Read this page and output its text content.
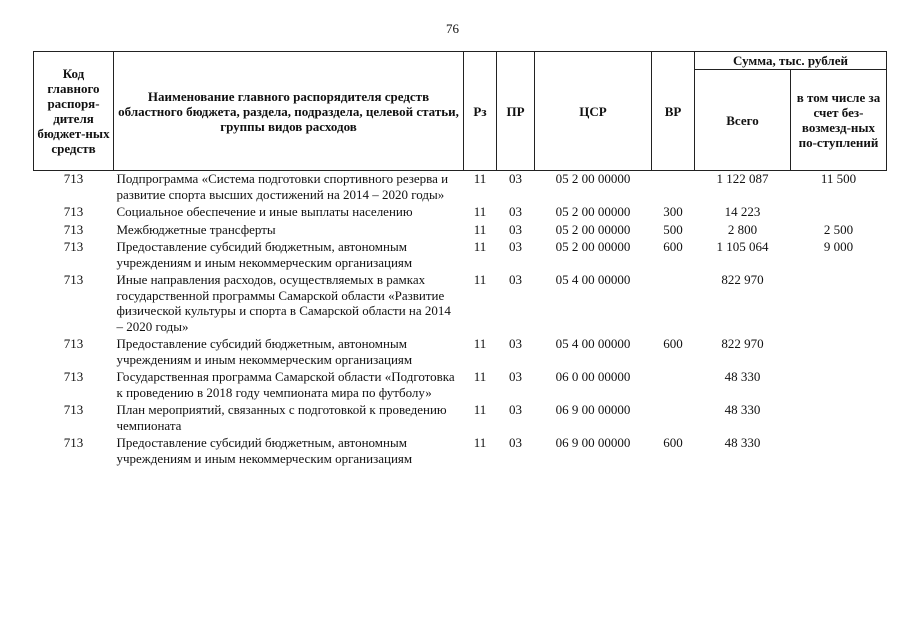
76
Код главного распоря-дителя бюджет-ных средств	Наименование главного распорядителя средств областного бюджета, раздела, подраздела, целевой статьи, группы видов расходов	Рз	ПР	ЦСР	ВР	Сумма, тыс. рублей	
						Всего	в том числе за счет без-возмезд-ных по-ступлений
713	Подпрограмма «Система подготовки спортивного резерва и развитие спорта высших достижений на 2014 – 2020 годы»	11	03	05 2 00 00000		1 122 087	11 500
713	Социальное обеспечение и иные выплаты населению	11	03	05 2 00 00000	300	14 223	
713	Межбюджетные трансферты	11	03	05 2 00 00000	500	2 800	2 500
713	Предоставление субсидий бюджетным, автономным учреждениям и иным некоммерческим организациям	11	03	05 2 00 00000	600	1 105 064	9 000
713	Иные направления расходов, осуществляемых в рамках государственной программы Самарской области «Развитие физической культуры и спорта в Самарской области на 2014 – 2020 годы»	11	03	05 4 00 00000		822 970	
713	Предоставление субсидий бюджетным, автономным учреждениям и иным некоммерческим организациям	11	03	05 4 00 00000	600	822 970	
713	Государственная программа Самарской области «Подготовка к проведению в 2018 году чемпионата мира по футболу»	11	03	06 0 00 00000		48 330	
713	План мероприятий, связанных с подготовкой к проведению чемпионата	11	03	06 9 00 00000		48 330	
713	Предоставление субсидий бюджетным, автономным учреждениям и иным некоммерческим организациям	11	03	06 9 00 00000	600	48 330	
